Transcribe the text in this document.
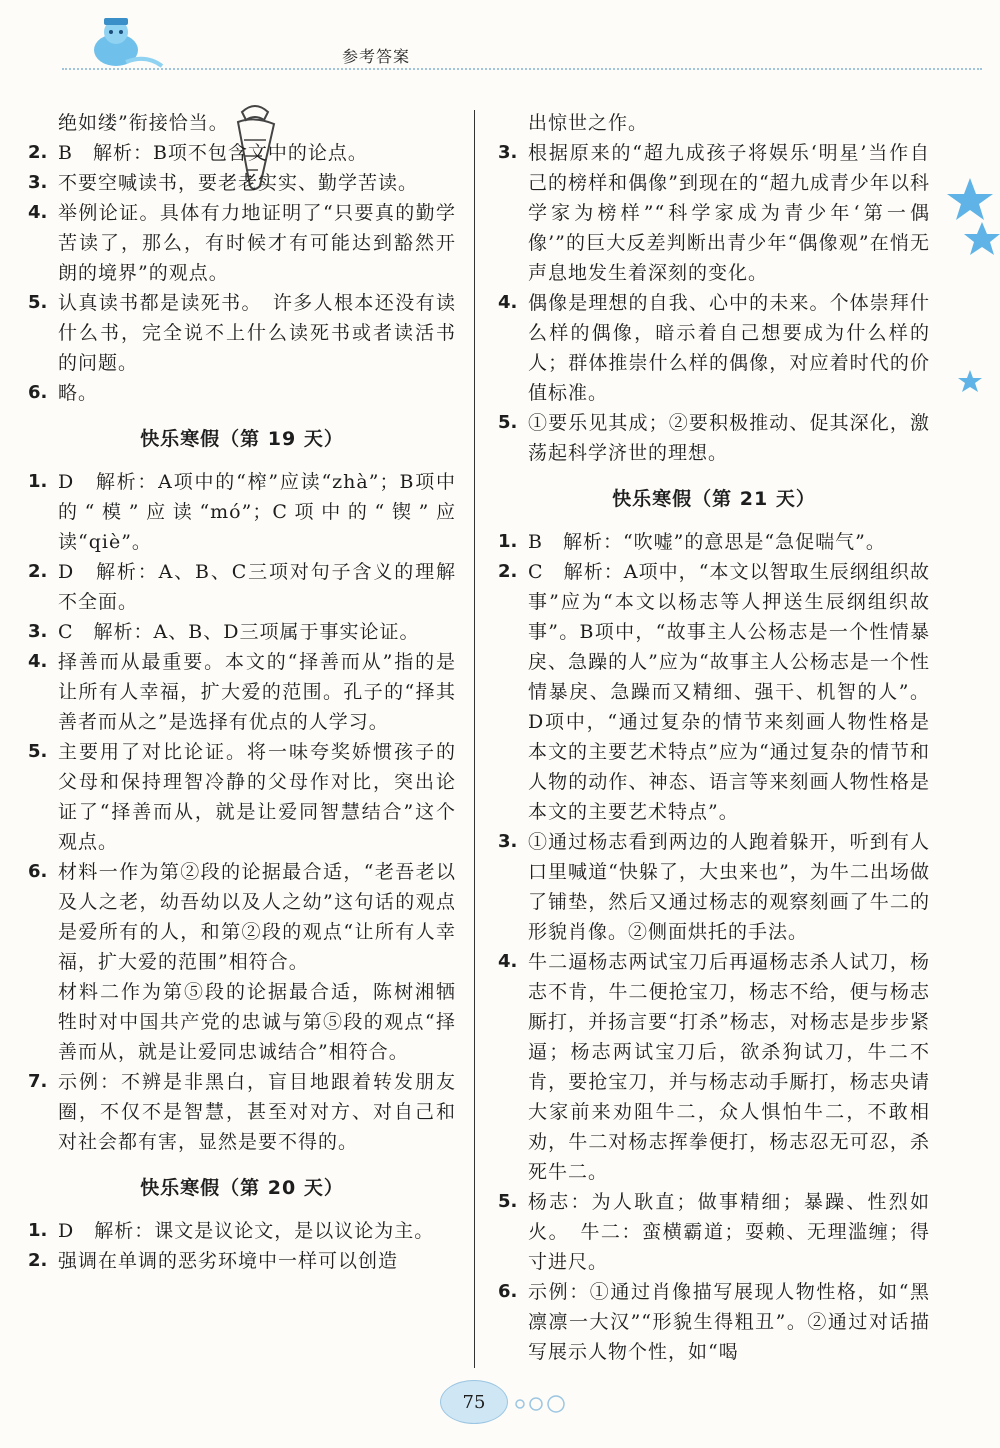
参考答案
绝如缕”衔接恰当。
2. B　解析：B项不包含文中的论点。
3. 不要空喊读书，要老老实实、勤学苦读。
4. 举例论证。具体有力地证明了“只要真的勤学苦读了，那么，有时候才有可能达到豁然开朗的境界”的观点。
5. 认真读书都是读死书。　许多人根本还没有读什么书，完全说不上什么读死书或者读活书的问题。
6. 略。
快乐寒假（第 19 天）
1. D　解析：A项中的“榨”应读“zhà”；B项中的“模”应读“mó”；C项中的“锲”应读“qiè”。
2. D　解析：A、B、C三项对句子含义的理解不全面。
3. C　解析：A、B、D三项属于事实论证。
4. 择善而从最重要。本文的“择善而从”指的是让所有人幸福，扩大爱的范围。孔子的“择其善者而从之”是选择有优点的人学习。
5. 主要用了对比论证。将一味夸奖娇惯孩子的父母和保持理智冷静的父母作对比，突出论证了“择善而从，就是让爱同智慧结合”这个观点。
6. 材料一作为第②段的论据最合适，“老吾老以及人之老，幼吾幼以及人之幼”这句话的观点是爱所有的人，和第②段的观点“让所有人幸福，扩大爱的范围”相符合。
材料二作为第⑤段的论据最合适，陈树湘牺牲时对中国共产党的忠诚与第⑤段的观点“择善而从，就是让爱同忠诚结合”相符合。
7. 示例：不辨是非黑白，盲目地跟着转发朋友圈，不仅不是智慧，甚至对对方、对自己和对社会都有害，显然是要不得的。
快乐寒假（第 20 天）
1. D　解析：课文是议论文，是以议论为主。
2. 强调在单调的恶劣环境中一样可以创造
出惊世之作。
3. 根据原来的“超九成孩子将娱乐‘明星’当作自己的榜样和偶像”到现在的“超九成青少年以科学家为榜样”“科学家成为青少年‘第一偶像’”的巨大反差判断出青少年“偶像观”在悄无声息地发生着深刻的变化。
4. 偶像是理想的自我、心中的未来。个体崇拜什么样的偶像，暗示着自己想要成为什么样的人；群体推崇什么样的偶像，对应着时代的价值标准。
5. ①要乐见其成；②要积极推动、促其深化，激荡起科学济世的理想。
快乐寒假（第 21 天）
1. B　解析：“吹嘘”的意思是“急促喘气”。
2. C　解析：A项中，“本文以智取生辰纲组织故事”应为“本文以杨志等人押送生辰纲组织故事”。B项中，“故事主人公杨志是一个性情暴戾、急躁的人”应为“故事主人公杨志是一个性情暴戾、急躁而又精细、强干、机智的人”。D项中，“通过复杂的情节来刻画人物性格是本文的主要艺术特点”应为“通过复杂的情节和人物的动作、神态、语言等来刻画人物性格是本文的主要艺术特点”。
3. ①通过杨志看到两边的人跑着躲开，听到有人口里喊道“快躲了，大虫来也”，为牛二出场做了铺垫，然后又通过杨志的观察刻画了牛二的形貌肖像。②侧面烘托的手法。
4. 牛二逼杨志两试宝刀后再逼杨志杀人试刀，杨志不肯，牛二便抢宝刀，杨志不给，便与杨志厮打，并扬言要“打杀”杨志，对杨志是步步紧逼；杨志两试宝刀后，欲杀狗试刀，牛二不肯，要抢宝刀，并与杨志动手厮打，杨志央请大家前来劝阻牛二，众人惧怕牛二，不敢相劝，牛二对杨志挥拳便打，杨志忍无可忍，杀死牛二。
5. 杨志：为人耿直；做事精细；暴躁、性烈如火。　牛二：蛮横霸道；耍赖、无理滥缠；得寸进尺。
6. 示例：①通过肖像描写展现人物性格，如“黑凛凛一大汉”“形貌生得粗丑”。②通过对话描写展示人物个性，如“喝
75
